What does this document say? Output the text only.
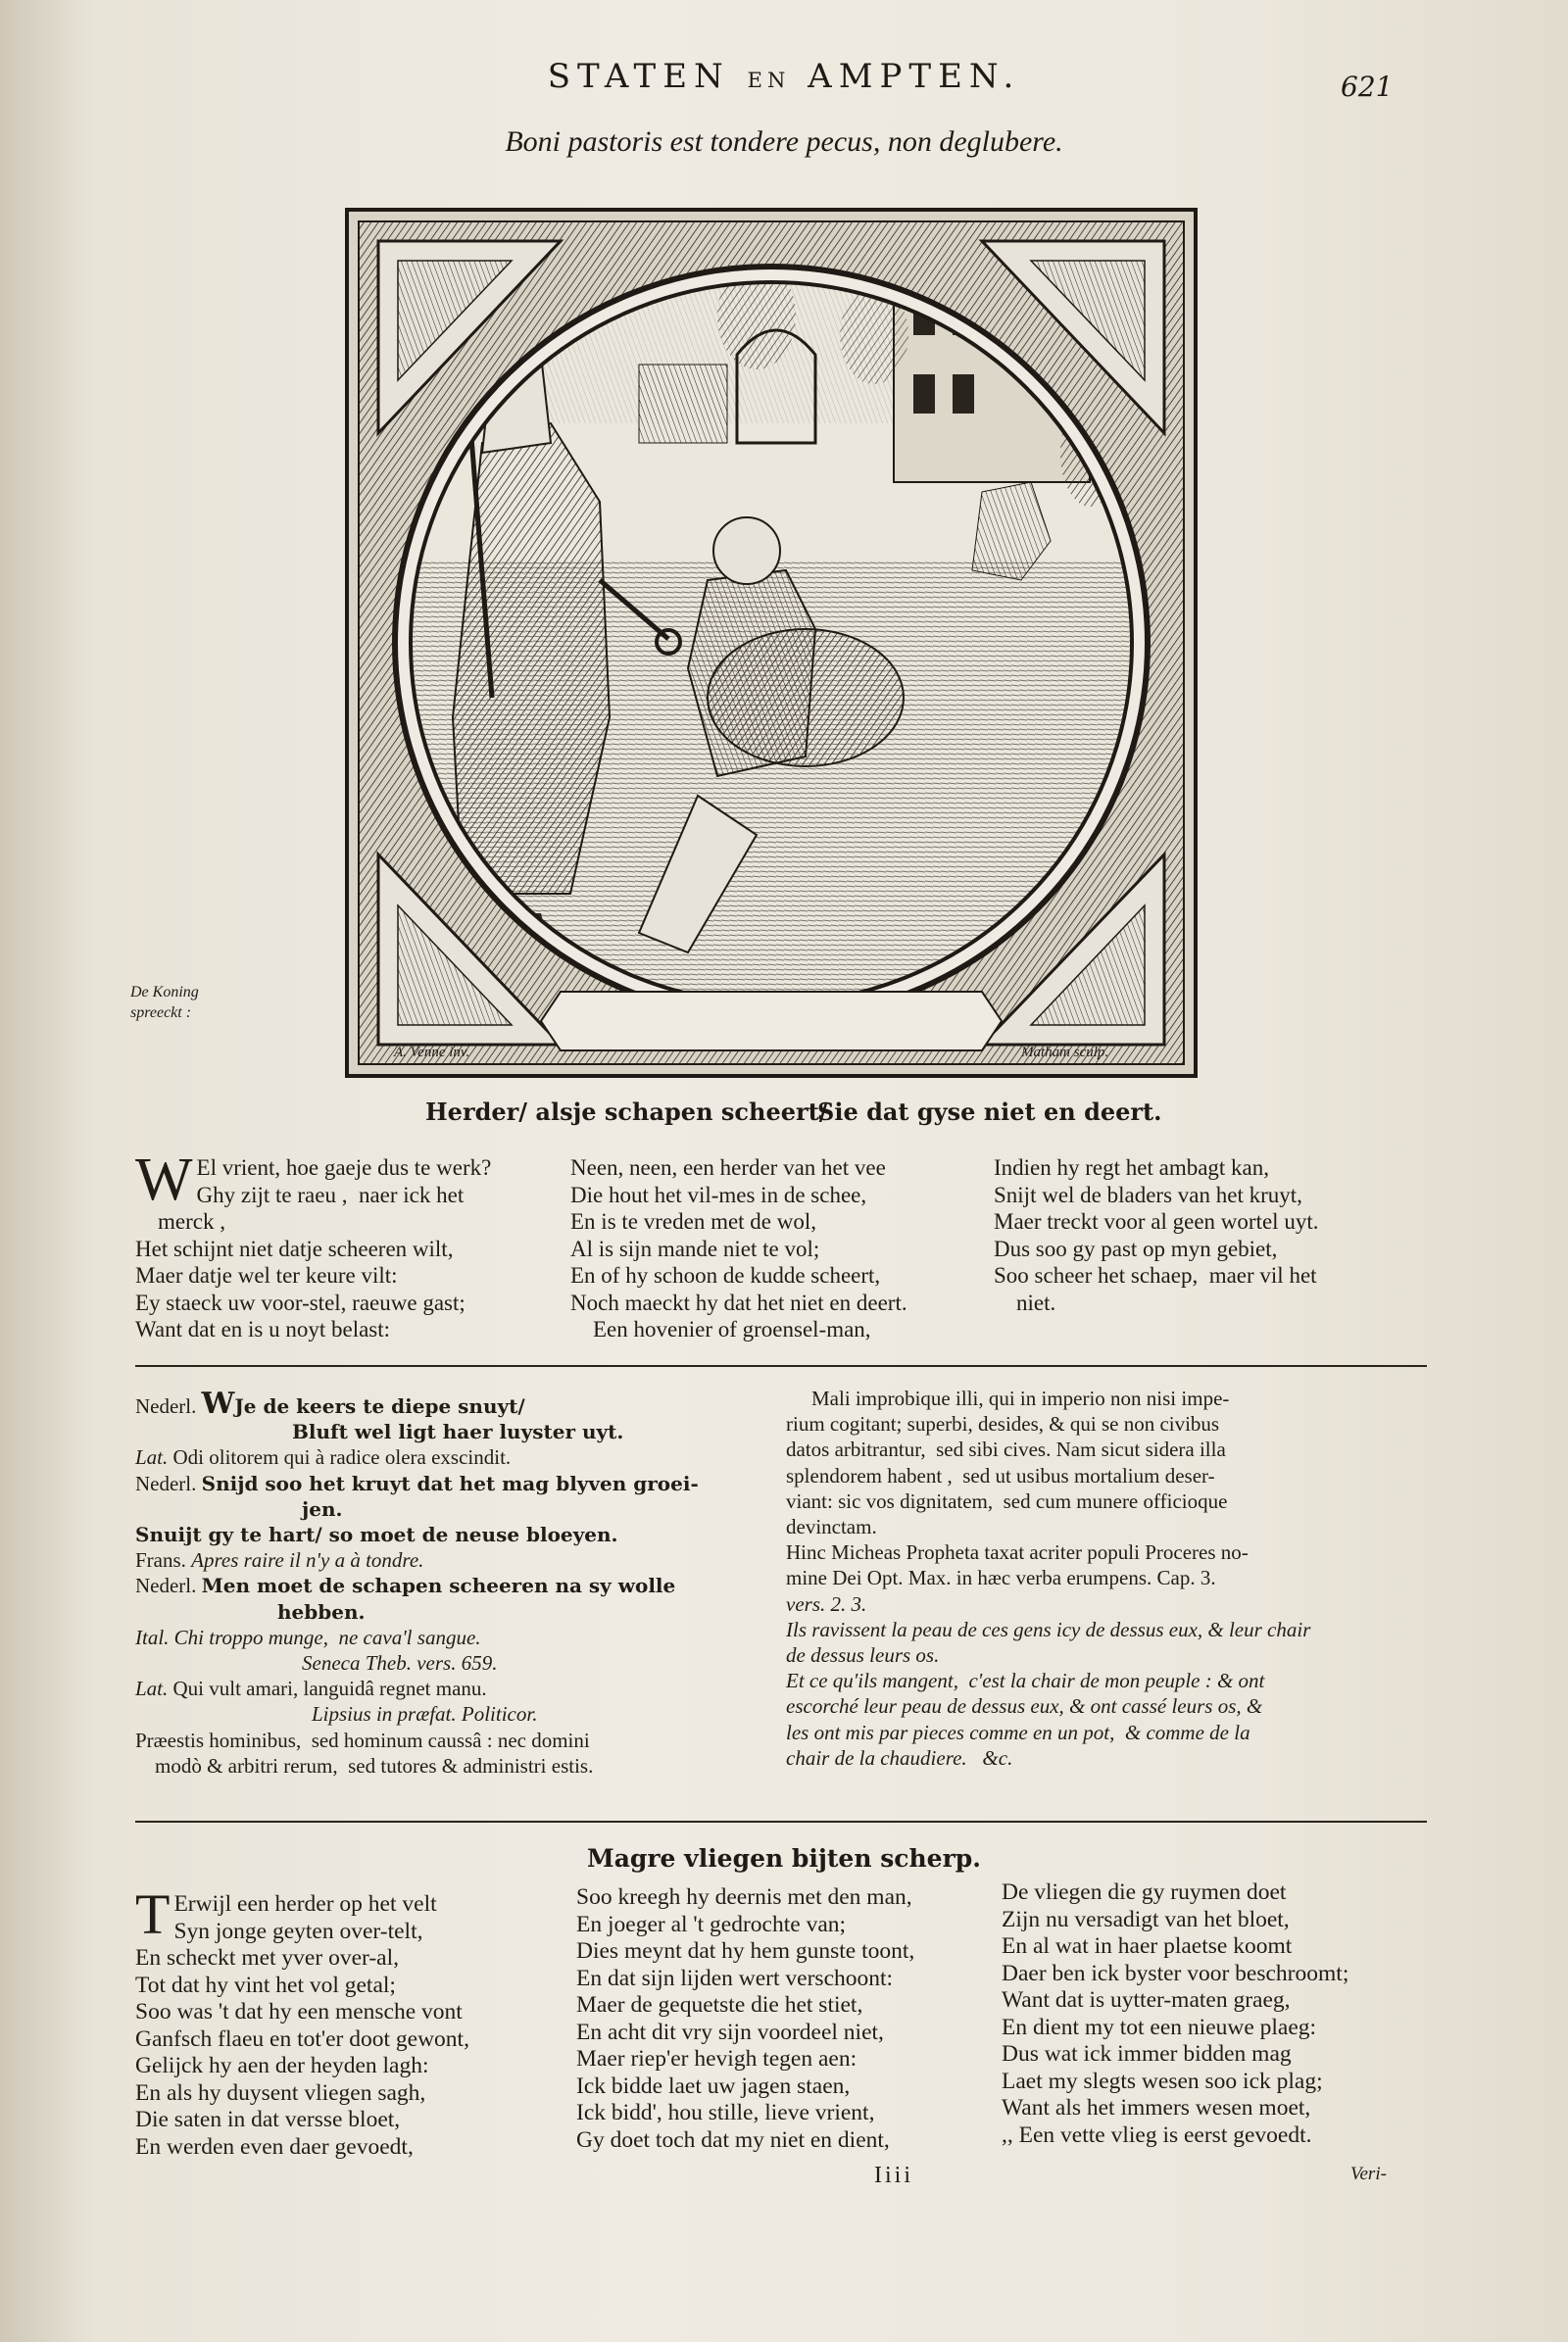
STATEN EN AMPTEN.	621
Boni pastoris est tondere pecus, non deglubere.
A. Venne inv.	Matham sculp.
De Koning
spreeckt :
Herder/ alsje schapen scheert/
Sie dat gyse niet en deert.
W El vrient, hoe gaeje dus te werk?
Ghy zijt te raeu ,  naer ick het
merck ,
Het schijnt niet datje scheeren wilt,
Maer datje wel ter keure vilt:
Ey staeck uw voor-stel, raeuwe gast;
Want dat en is u noyt belast:
Neen, neen, een herder van het vee
Die hout het vil-mes in de schee,
En is te vreden met de wol,
Al is sijn mande niet te vol;
En of hy schoon de kudde scheert,
Noch maeckt hy dat het niet en deert.
Een hovenier of groensel-man,
Indien hy regt het ambagt kan,
Snijt wel de bladers van het kruyt,
Maer treckt voor al geen wortel uyt.
Dus soo gy past op myn gebiet,
Soo scheer het schaep,  maer vil het
niet.
Nederl. WJe de keers te diepe snuyt/
Bluft wel ligt haer luyster uyt.
Lat. Odi olitorem qui à radice olera exscindit.
Nederl. Snijd soo het kruyt dat het mag blyven groei-
jen.
Snuijt gy te hart/ so moet de neuse bloeyen.
Frans. Apres raire il n'y a à tondre.
Nederl. Men moet de schapen scheeren na sy wolle
hebben.
Ital. Chi troppo munge,  ne cava'l sangue.
Seneca Theb. vers. 659.
Lat. Qui vult amari, languidâ regnet manu.
Lipsius in præfat. Politicor.
Præestis hominibus,  sed hominum caussâ : nec domini
modò & arbitri rerum,  sed tutores & administri estis.
Mali improbique illi, qui in imperio non nisi impe-
rium cogitant; superbi, desides, & qui se non civibus
datos arbitrantur,  sed sibi cives. Nam sicut sidera illa
splendorem habent ,  sed ut usibus mortalium deser-
viant: sic vos dignitatem,  sed cum munere officioque
devinctam.
Hinc Micheas Propheta taxat acriter populi Proceres no-
mine Dei Opt. Max. in hæc verba erumpens. Cap. 3.
vers. 2. 3.
Ils ravissent la peau de ces gens icy de dessus eux, & leur chair
de dessus leurs os.
Et ce qu'ils mangent,  c'est la chair de mon peuple : & ont
escorché leur peau de dessus eux, & ont cassé leurs os, &
les ont mis par pieces comme en un pot,  & comme de la
chair de la chaudiere.   &c.
Magre vliegen bijten scherp.
T Erwijl een herder op het velt
Syn jonge geyten over-telt,
En scheckt met yver over-al,
Tot dat hy vint het vol getal;
Soo was 't dat hy een mensche vont
Ganfsch flaeu en tot'er doot gewont,
Gelijck hy aen der heyden lagh:
En als hy duysent vliegen sagh,
Die saten in dat versse bloet,
En werden even daer gevoedt,
Soo kreegh hy deernis met den man,
En joeger al 't gedrochte van;
Dies meynt dat hy hem gunste toont,
En dat sijn lijden wert verschoont:
Maer de gequetste die het stiet,
En acht dit vry sijn voordeel niet,
Maer riep'er hevigh tegen aen:
Ick bidde laet uw jagen staen,
Ick bidd', hou stille, lieve vrient,
Gy doet toch dat my niet en dient,
De vliegen die gy ruymen doet
Zijn nu versadigt van het bloet,
En al wat in haer plaetse koomt
Daer ben ick byster voor beschroomt;
Want dat is uytter-maten graeg,
En dient my tot een nieuwe plaeg:
Dus wat ick immer bidden mag
Laet my slegts wesen soo ick plag;
Want als het immers wesen moet,
,, Een vette vlieg is eerst gevoedt.
Iiii	Veri-
